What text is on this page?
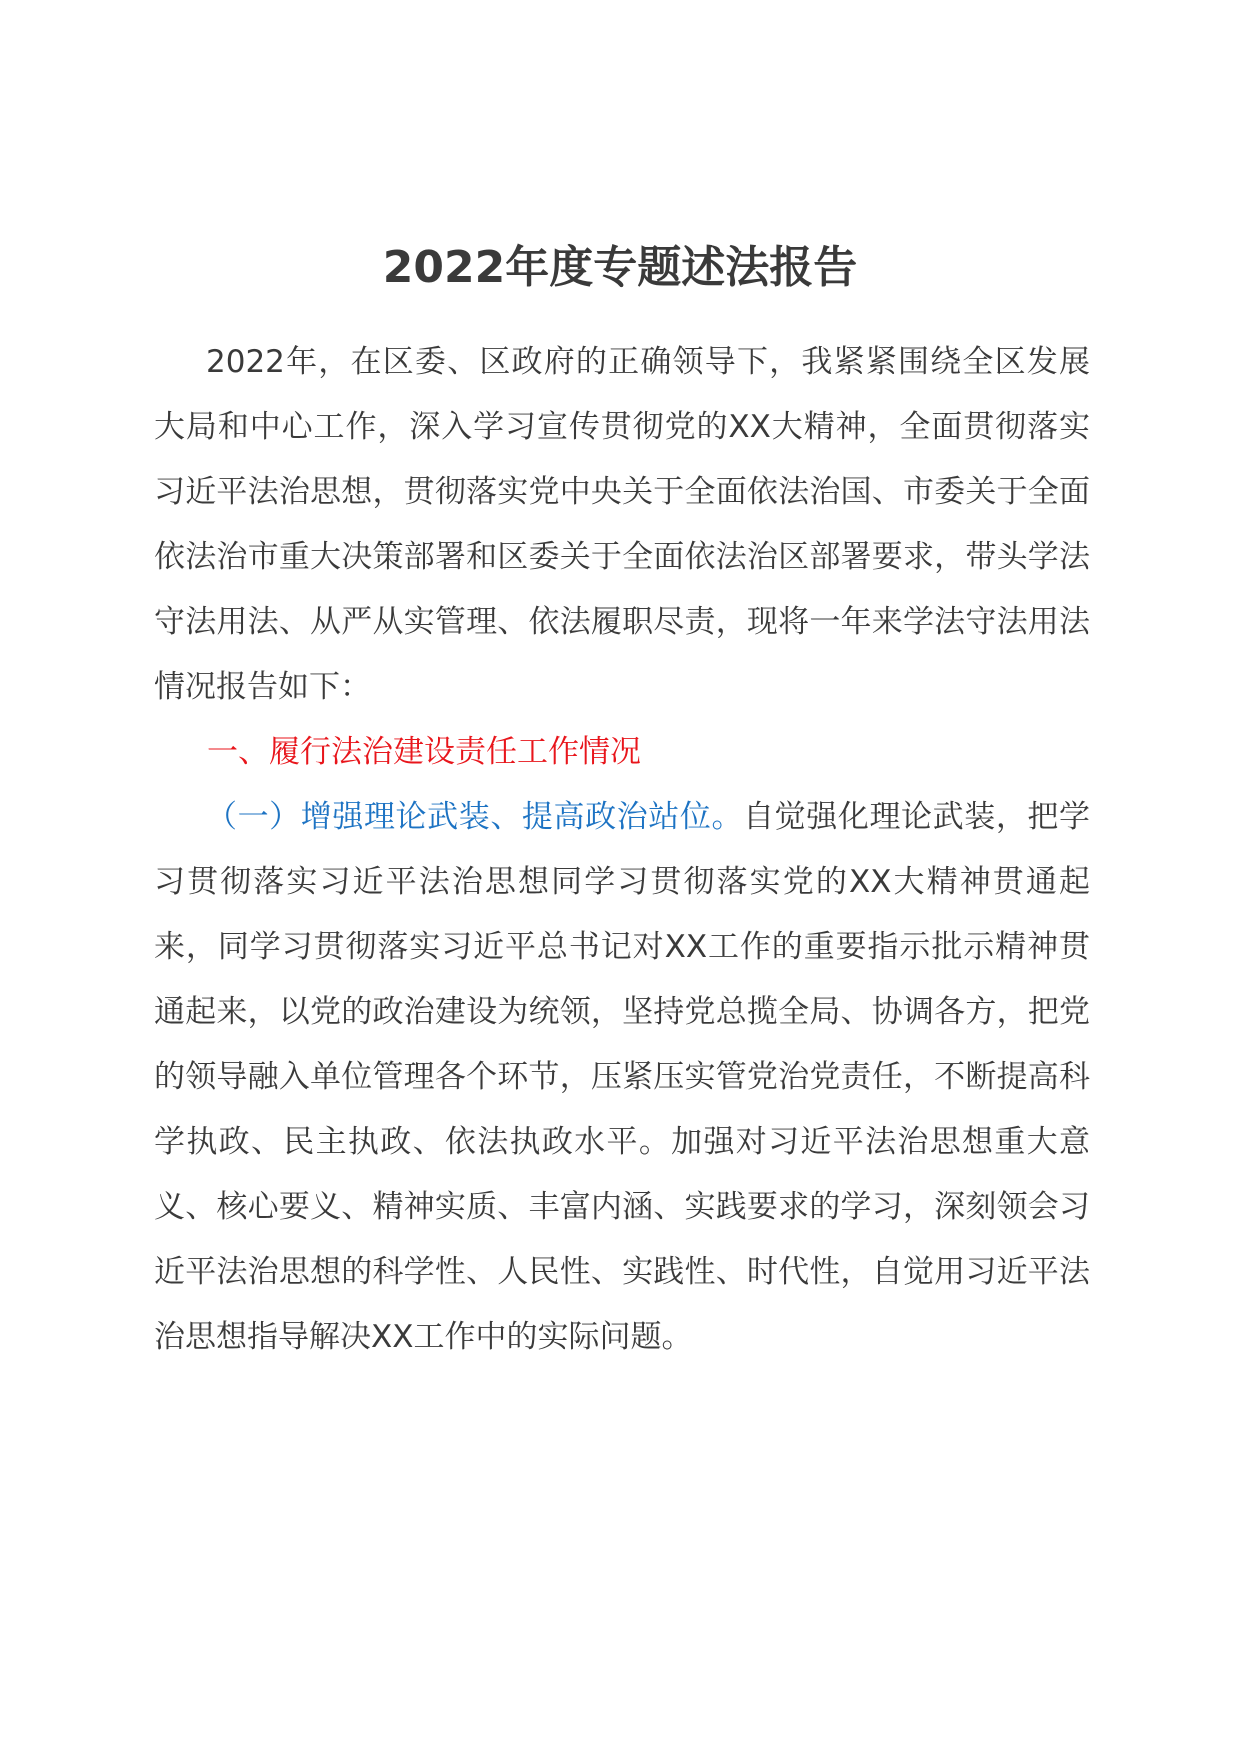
2022年度专题述法报告

2022年，在区委、区政府的正确领导下，我紧紧围绕全区发展大局和中心工作，深入学习宣传贯彻党的XX大精神，全面贯彻落实习近平法治思想，贯彻落实党中央关于全面依法治国、市委关于全面依法治市重大决策部署和区委关于全面依法治区部署要求，带头学法守法用法、从严从实管理、依法履职尽责，现将一年来学法守法用法情况报告如下：

一、履行法治建设责任工作情况

（一）增强理论武装、提高政治站位。自觉强化理论武装，把学习贯彻落实习近平法治思想同学习贯彻落实党的XX大精神贯通起来，同学习贯彻落实习近平总书记对XX工作的重要指示批示精神贯通起来，以党的政治建设为统领，坚持党总揽全局、协调各方，把党的领导融入单位管理各个环节，压紧压实管党治党责任，不断提高科学执政、民主执政、依法执政水平。加强对习近平法治思想重大意义、核心要义、精神实质、丰富内涵、实践要求的学习，深刻领会习近平法治思想的科学性、人民性、实践性、时代性，自觉用习近平法治思想指导解决XX工作中的实际问题。
